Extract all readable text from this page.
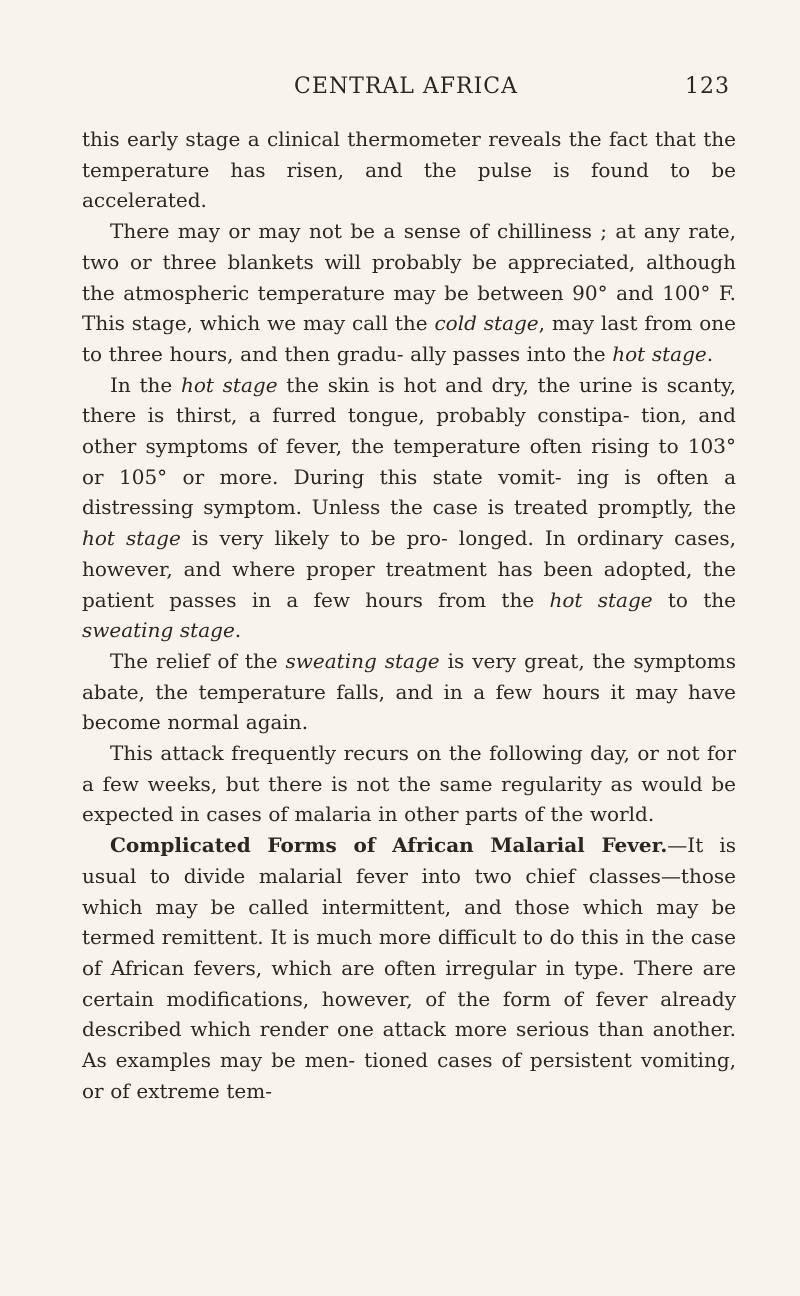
CENTRAL AFRICA	123

this early stage a clinical thermometer reveals the fact that the temperature has risen, and the pulse is found to be accelerated.

There may or may not be a sense of chilliness ; at any rate, two or three blankets will probably be appreciated, although the atmospheric temperature may be between 90° and 100° F. This stage, which we may call the cold stage, may last from one to three hours, and then gradu- ally passes into the hot stage.

In the hot stage the skin is hot and dry, the urine is scanty, there is thirst, a furred tongue, probably constipa- tion, and other symptoms of fever, the temperature often rising to 103° or 105° or more. During this state vomit- ing is often a distressing symptom. Unless the case is treated promptly, the hot stage is very likely to be pro- longed. In ordinary cases, however, and where proper treatment has been adopted, the patient passes in a few hours from the hot stage to the sweating stage.

The relief of the sweating stage is very great, the symptoms abate, the temperature falls, and in a few hours it may have become normal again.

This attack frequently recurs on the following day, or not for a few weeks, but there is not the same regularity as would be expected in cases of malaria in other parts of the world.

Complicated Forms of African Malarial Fever.—It is usual to divide malarial fever into two chief classes—those which may be called intermittent, and those which may be termed remittent. It is much more difficult to do this in the case of African fevers, which are often irregular in type. There are certain modifications, however, of the form of fever already described which render one attack more serious than another. As examples may be men- tioned cases of persistent vomiting, or of extreme tem-
